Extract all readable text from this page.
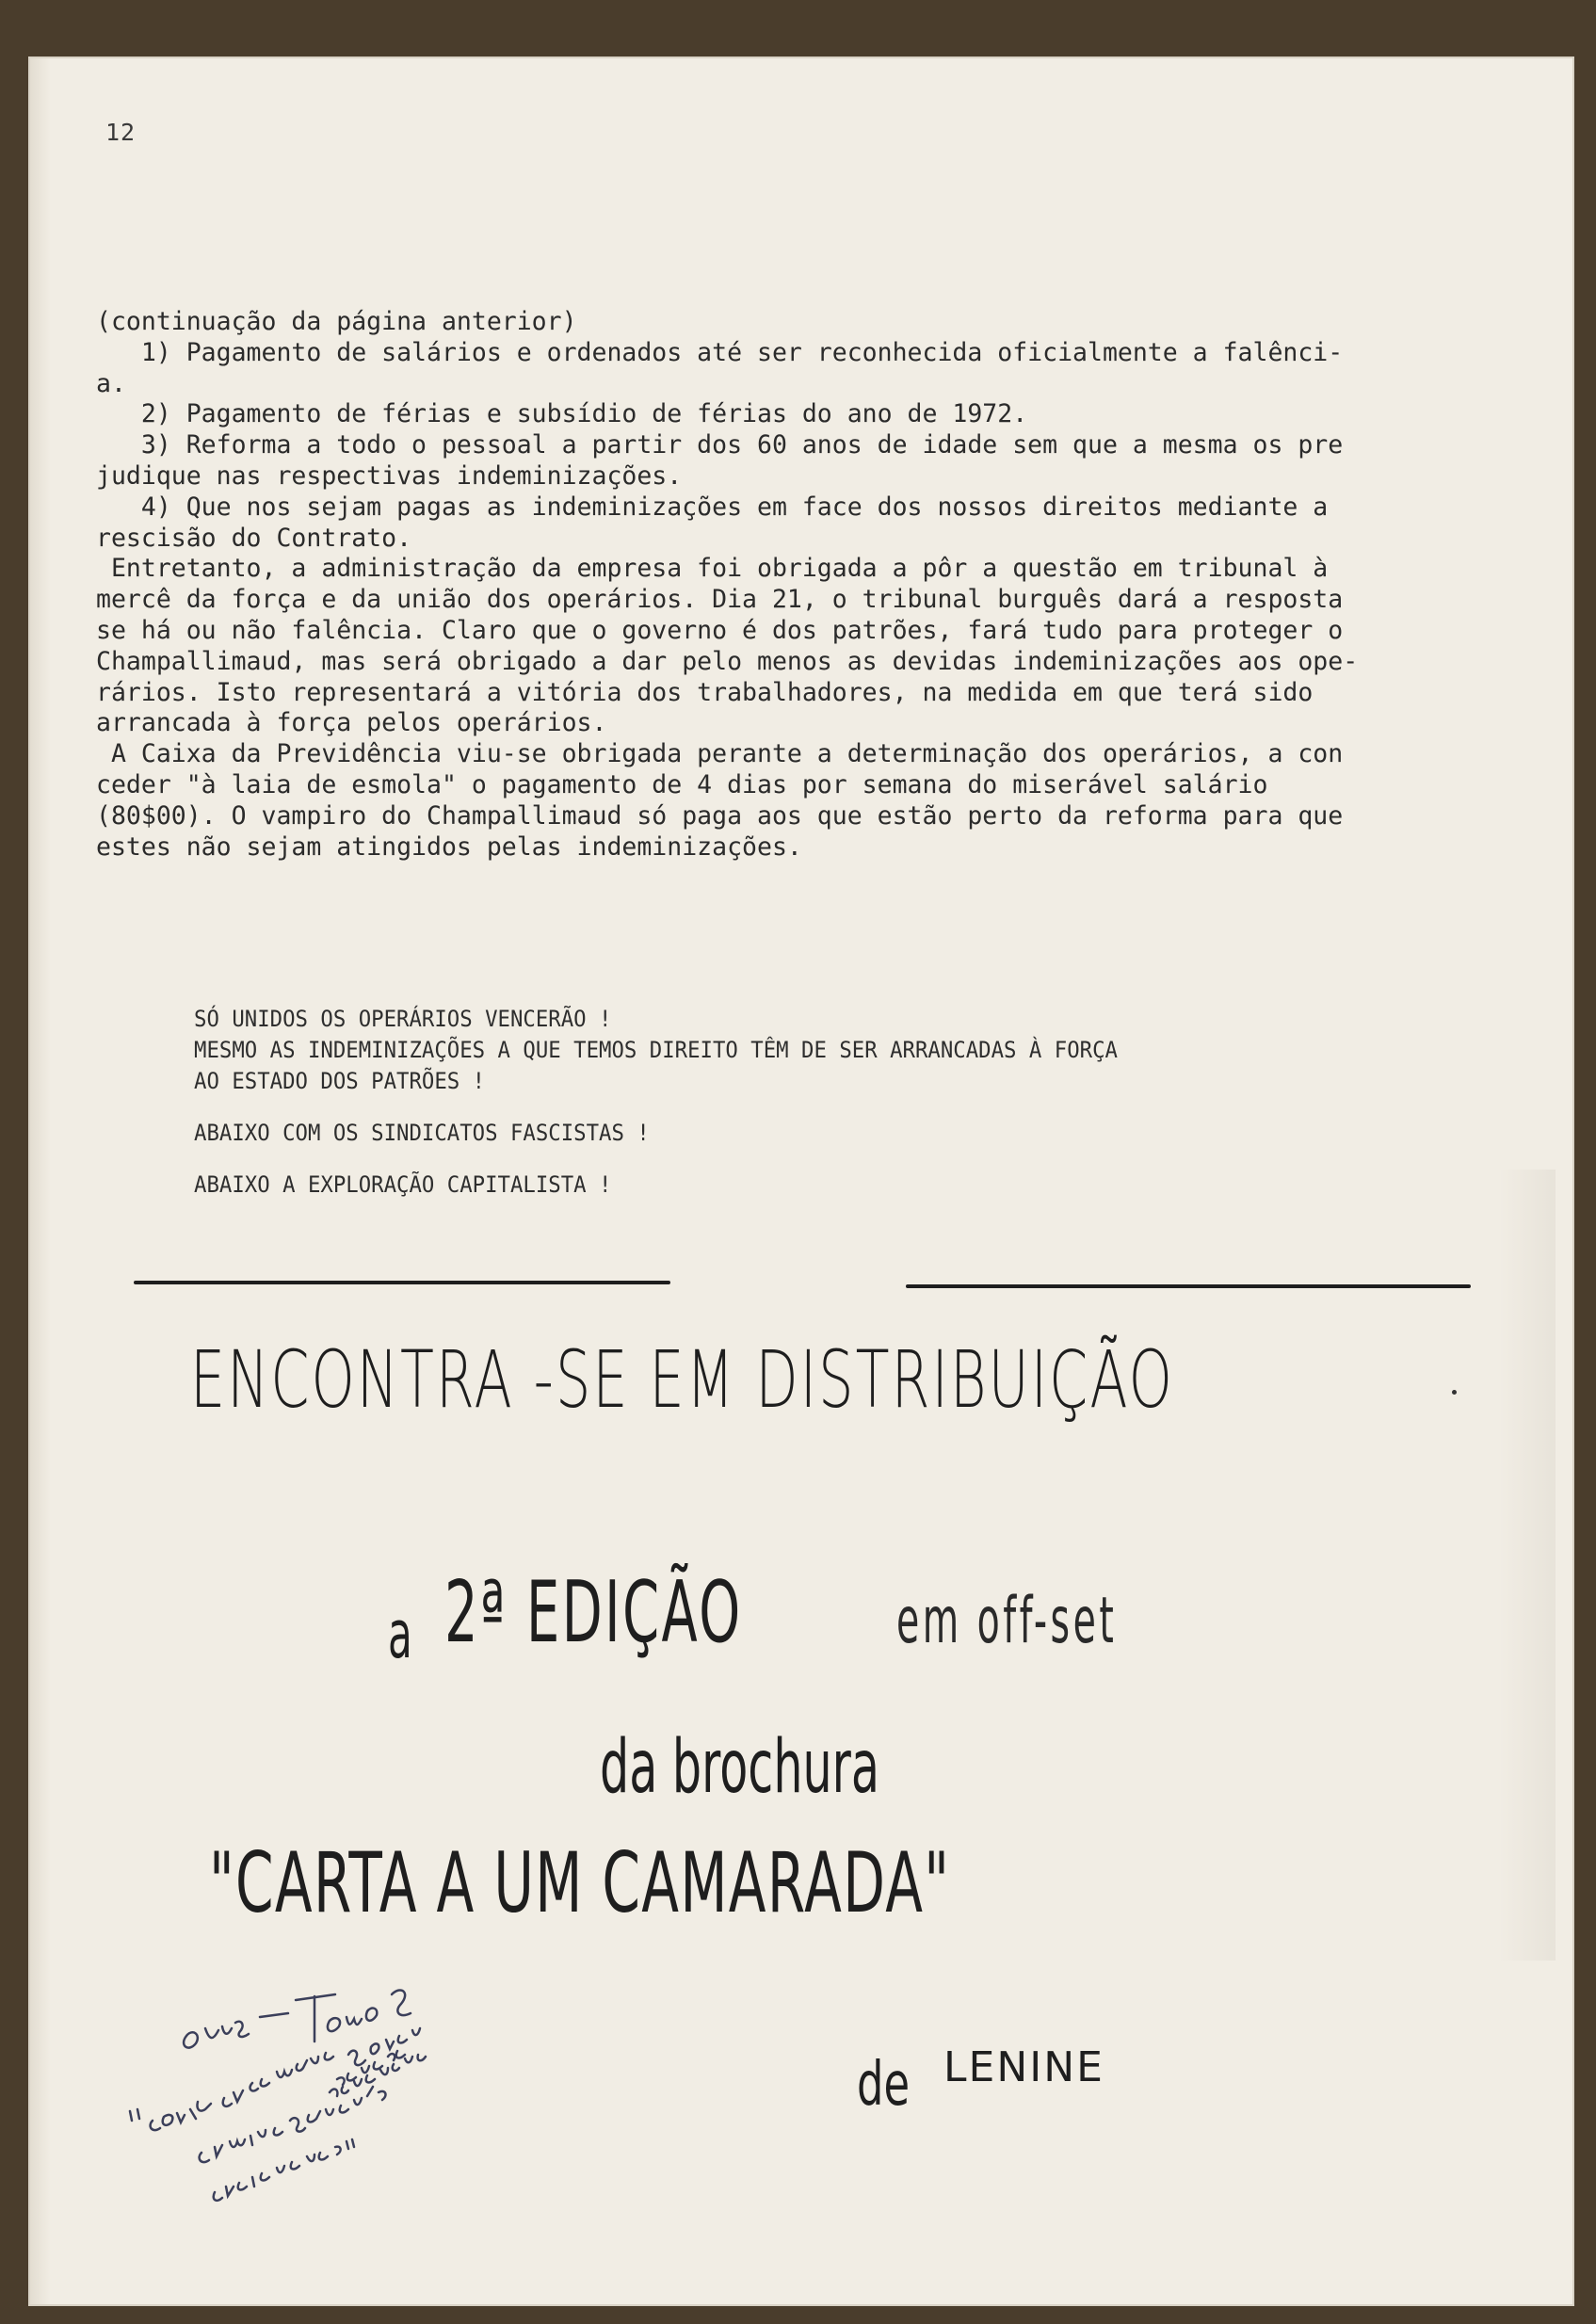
12

(continuação da página anterior)

1) Pagamento de salários e ordenados até ser reconhecida oficialmente a falênci-

a.

2) Pagamento de férias e subsídio de férias do ano de 1972.

3) Reforma a todo o pessoal a partir dos 60 anos de idade sem que a mesma os pre

judique nas respectivas indeminizações.

4) Que nos sejam pagas as indeminizações em face dos nossos direitos mediante a

rescisão do Contrato.

Entretanto, a administração da empresa foi obrigada a pôr a questão em tribunal à

mercê da força e da união dos operários. Dia 21, o tribunal burguês dará a resposta

se há ou não falência. Claro que o governo é dos patrões, fará tudo para proteger o

Champallimaud, mas será obrigado a dar pelo menos as devidas indeminizações aos ope-

rários. Isto representará a vitória dos trabalhadores, na medida em que terá sido

arrancada à força pelos operários.

A Caixa da Previdência viu-se obrigada perante a determinação dos operários, a con

ceder "à laia de esmola" o pagamento de 4 dias por semana do miserável salário

(80$00). O vampiro do Champallimaud só paga aos que estão perto da reforma para que

estes não sejam atingidos pelas indeminizações.

SÓ UNIDOS OS OPERÁRIOS VENCERÃO !

MESMO AS INDEMINIZAÇÕES A QUE TEMOS DIREITO TÊM DE SER ARRANCADAS À FORÇA

AO ESTADO DOS PATRÕES !

ABAIXO COM OS SINDICATOS FASCISTAS !

ABAIXO A EXPLORAÇÃO CAPITALISTA !

ENCONTRA -SE EM DISTRIBUIÇÃO

a
2ª EDIÇÃO

em off-set

da brochura
"CARTA A UM CAMARADA"

de
LENINE
